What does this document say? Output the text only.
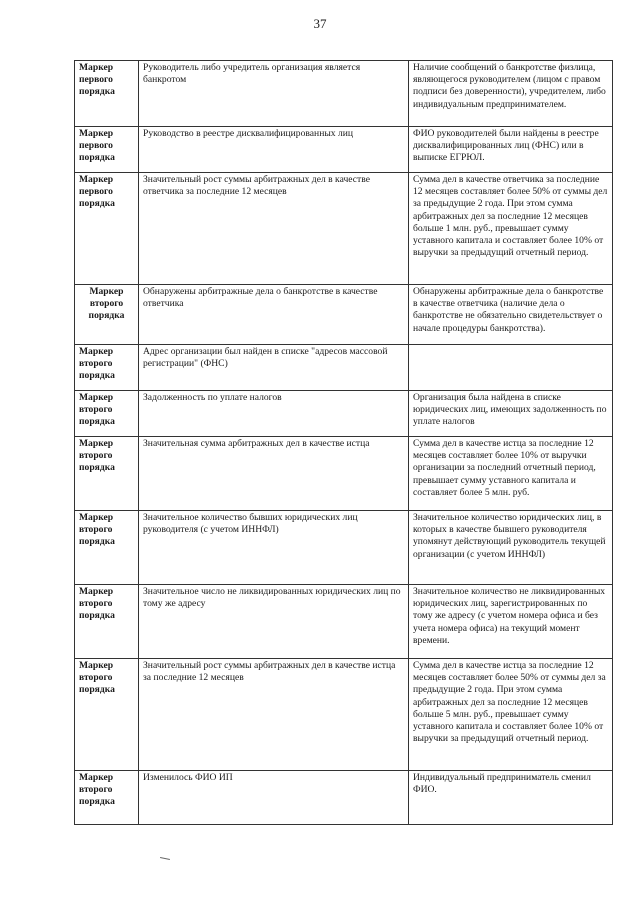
37
Маркер первого порядка	Руководитель либо учредитель организация является банкротом	Наличие сообщений о банкротстве физлица, являющегося руководителем (лицом с правом подписи без доверенности), учредителем, либо индивидуальным предпринимателем.
Маркер первого порядка	Руководство в реестре дисквалифицированных лиц	ФИО руководителей были найдены в реестре дисквалифицированных лиц (ФНС) или в выписке ЕГРЮЛ.
Маркер первого порядка	Значительный рост суммы арбитражных дел в качестве ответчика за последние 12 месяцев	Сумма дел в качестве ответчика за последние 12 месяцев составляет более 50% от суммы дел за предыдущие 2 года. При этом сумма арбитражных дел за последние 12 месяцев больше 1 млн. руб., превышает сумму уставного капитала и составляет более 10% от выручки за предыдущий отчетный период.
Маркер второго порядка	Обнаружены арбитражные дела о банкротстве в качестве ответчика	Обнаружены арбитражные дела о банкротстве в качестве ответчика (наличие дела о банкротстве не обязательно свидетельствует о начале процедуры банкротства).
Маркер второго порядка	Адрес организации был найден в списке "адресов массовой регистрации" (ФНС)	
Маркер второго порядка	Задолженность по уплате налогов	Организация была найдена в списке юридических лиц, имеющих задолженность по уплате налогов
Маркер второго порядка	Значительная сумма арбитражных дел в качестве истца	Сумма дел в качестве истца за последние 12 месяцев составляет более 10% от выручки организации за последний отчетный период, превышает сумму уставного капитала и составляет более 5 млн. руб.
Маркер второго порядка	Значительное количество бывших юридических лиц руководителя (с учетом ИННФЛ)	Значительное количество юридических лиц, в которых в качестве бывшего руководителя упомянут действующий руководитель текущей организации (с учетом ИННФЛ)
Маркер второго порядка	Значительное число не ликвидированных юридических лиц по тому же адресу	Значительное количество не ликвидированных юридических лиц, зарегистрированных по тому же адресу (с учетом номера офиса и без учета номера офиса) на текущий момент времени.
Маркер второго порядка	Значительный рост суммы арбитражных дел в качестве истца за последние 12 месяцев	Сумма дел в качестве истца за последние 12 месяцев составляет более 50% от суммы дел за предыдущие 2 года. При этом сумма арбитражных дел за последние 12 месяцев больше 5 млн. руб., превышает сумму уставного капитала и составляет более 10% от выручки за предыдущий отчетный период.
Маркер второго порядка	Изменилось ФИО ИП	Индивидуальный предприниматель сменил ФИО.
